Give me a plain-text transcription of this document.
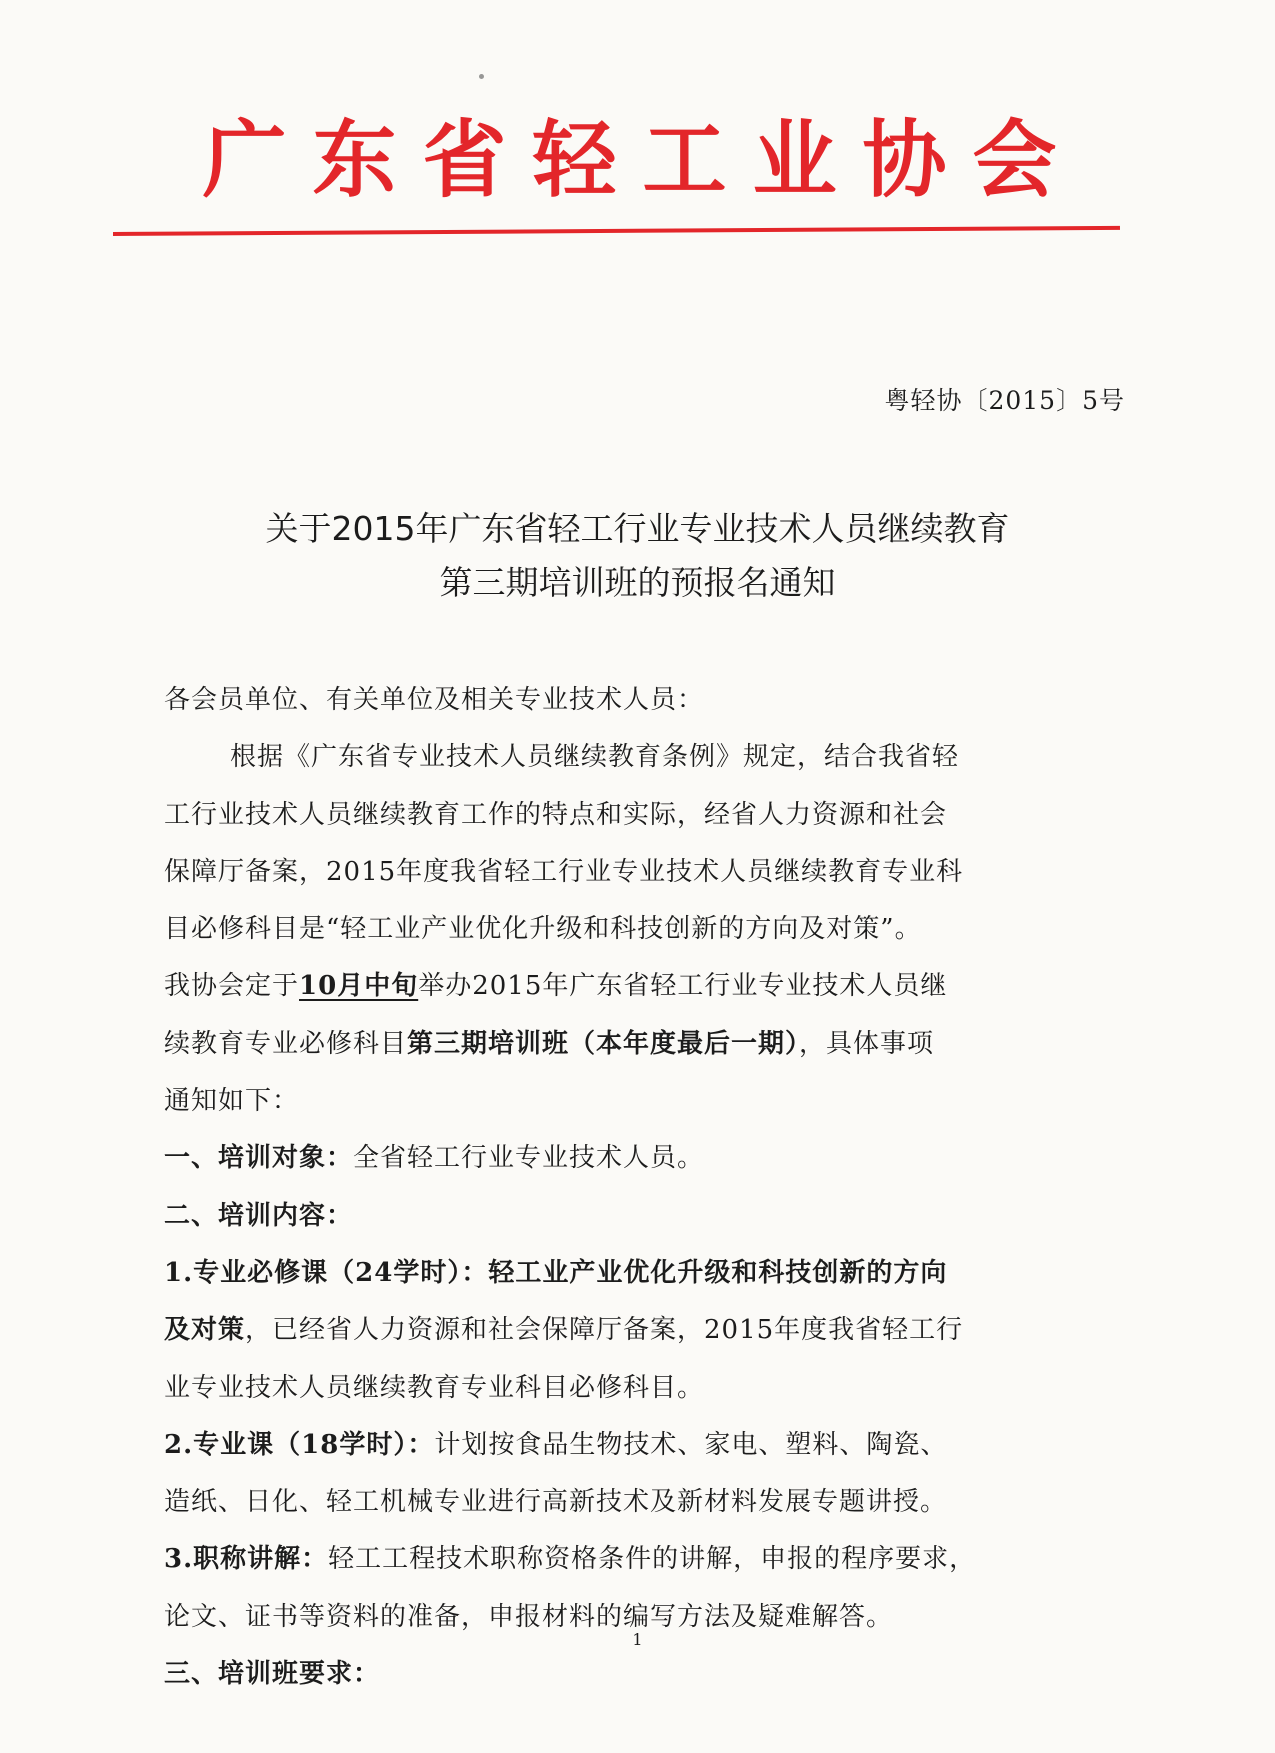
广东省轻工业协会
粤轻协〔2015〕5号
关于2015年广东省轻工行业专业技术人员继续教育
第三期培训班的预报名通知
各会员单位、有关单位及相关专业技术人员：
根据《广东省专业技术人员继续教育条例》规定，结合我省轻
工行业技术人员继续教育工作的特点和实际，经省人力资源和社会
保障厅备案，2015年度我省轻工行业专业技术人员继续教育专业科
目必修科目是“轻工业产业优化升级和科技创新的方向及对策”。
我协会定于10月中旬举办2015年广东省轻工行业专业技术人员继
续教育专业必修科目第三期培训班（本年度最后一期），具体事项
通知如下：
一、培训对象：全省轻工行业专业技术人员。
二、培训内容：
1.专业必修课（24学时）：轻工业产业优化升级和科技创新的方向
及对策，已经省人力资源和社会保障厅备案，2015年度我省轻工行
业专业技术人员继续教育专业科目必修科目。
2.专业课（18学时）：计划按食品生物技术、家电、塑料、陶瓷、
造纸、日化、轻工机械专业进行高新技术及新材料发展专题讲授。
3.职称讲解：轻工工程技术职称资格条件的讲解，申报的程序要求，
论文、证书等资料的准备，申报材料的编写方法及疑难解答。
三、培训班要求：
1
